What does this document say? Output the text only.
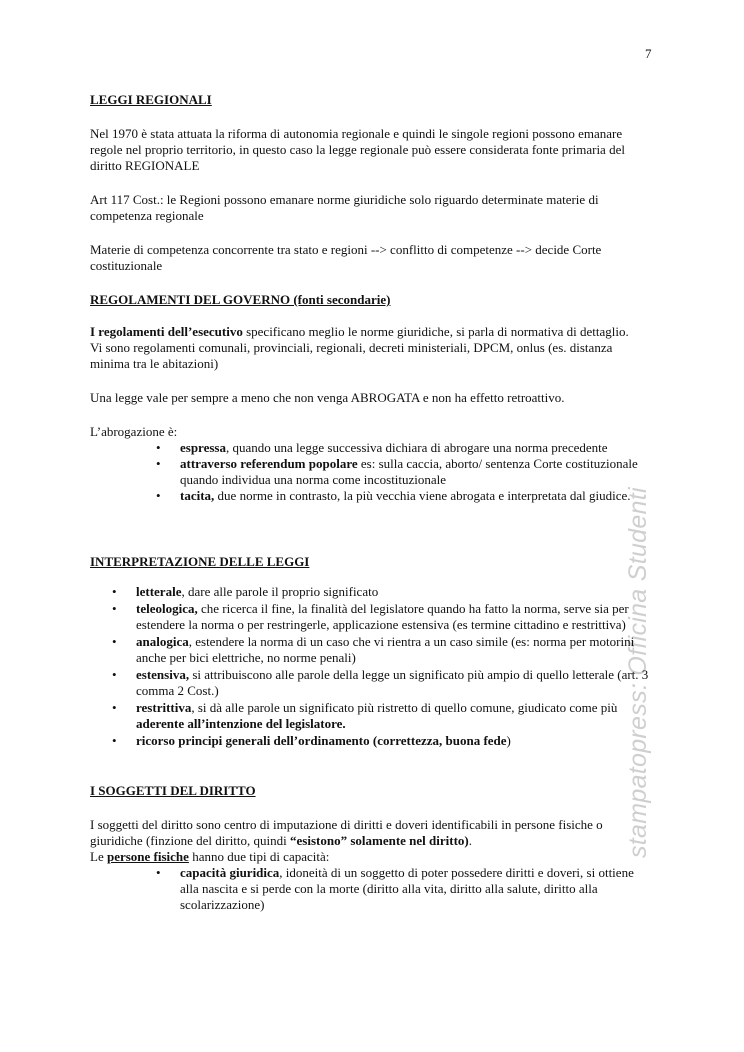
7
stampatopress: Officina Studenti

LEGGI REGIONALI

Nel 1970 è stata attuata la riforma di autonomia regionale e quindi le singole regioni possono emanare regole nel proprio territorio, in questo caso la legge regionale può essere considerata fonte primaria del diritto REGIONALE

Art 117 Cost.: le Regioni possono emanare norme giuridiche solo riguardo determinate materie di competenza regionale

Materie di competenza concorrente tra stato e regioni --> conflitto di competenze --> decide Corte costituzionale

REGOLAMENTI DEL GOVERNO (fonti secondarie)

I regolamenti dell’esecutivo specificano meglio le norme giuridiche, si parla di normativa di dettaglio.

Vi sono regolamenti comunali, provinciali, regionali, decreti ministeriali, DPCM, onlus (es. distanza minima tra le abitazioni)

Una legge vale per sempre a meno che non venga ABROGATA e non ha effetto retroattivo.

L’abrogazione è:

• espressa, quando una legge successiva dichiara di abrogare una norma precedente
• attraverso referendum popolare es: sulla caccia, aborto/ sentenza Corte costituzionale quando individua una norma come incostituzionale
• tacita, due norme in contrasto, la più vecchia viene abrogata e interpretata dal giudice.

INTERPRETAZIONE DELLE LEGGI

• letterale, dare alle parole il proprio significato
• teleologica, che ricerca il fine, la finalità del legislatore quando ha fatto la norma, serve sia per estendere la norma o per restringerle, applicazione estensiva (es termine cittadino e restrittiva)
• analogica, estendere la norma di un caso che vi rientra a un caso simile (es: norma per motorini anche per bici elettriche, no norme penali)
• estensiva, si attribuiscono alle parole della legge un significato più ampio di quello letterale (art. 3 comma 2 Cost.)
• restrittiva, si dà alle parole un significato più ristretto di quello comune, giudicato come più aderente all’intenzione del legislatore.
• ricorso principi generali dell’ordinamento (correttezza, buona fede)

I SOGGETTI DEL DIRITTO

I soggetti del diritto sono centro di imputazione di diritti e doveri identificabili in persone fisiche o giuridiche (finzione del diritto, quindi “esistono” solamente nel diritto).

Le persone fisiche hanno due tipi di capacità:

• capacità giuridica, idoneità di un soggetto di poter possedere diritti e doveri, si ottiene alla nascita e si perde con la morte (diritto alla vita, diritto alla salute, diritto alla scolarizzazione)
